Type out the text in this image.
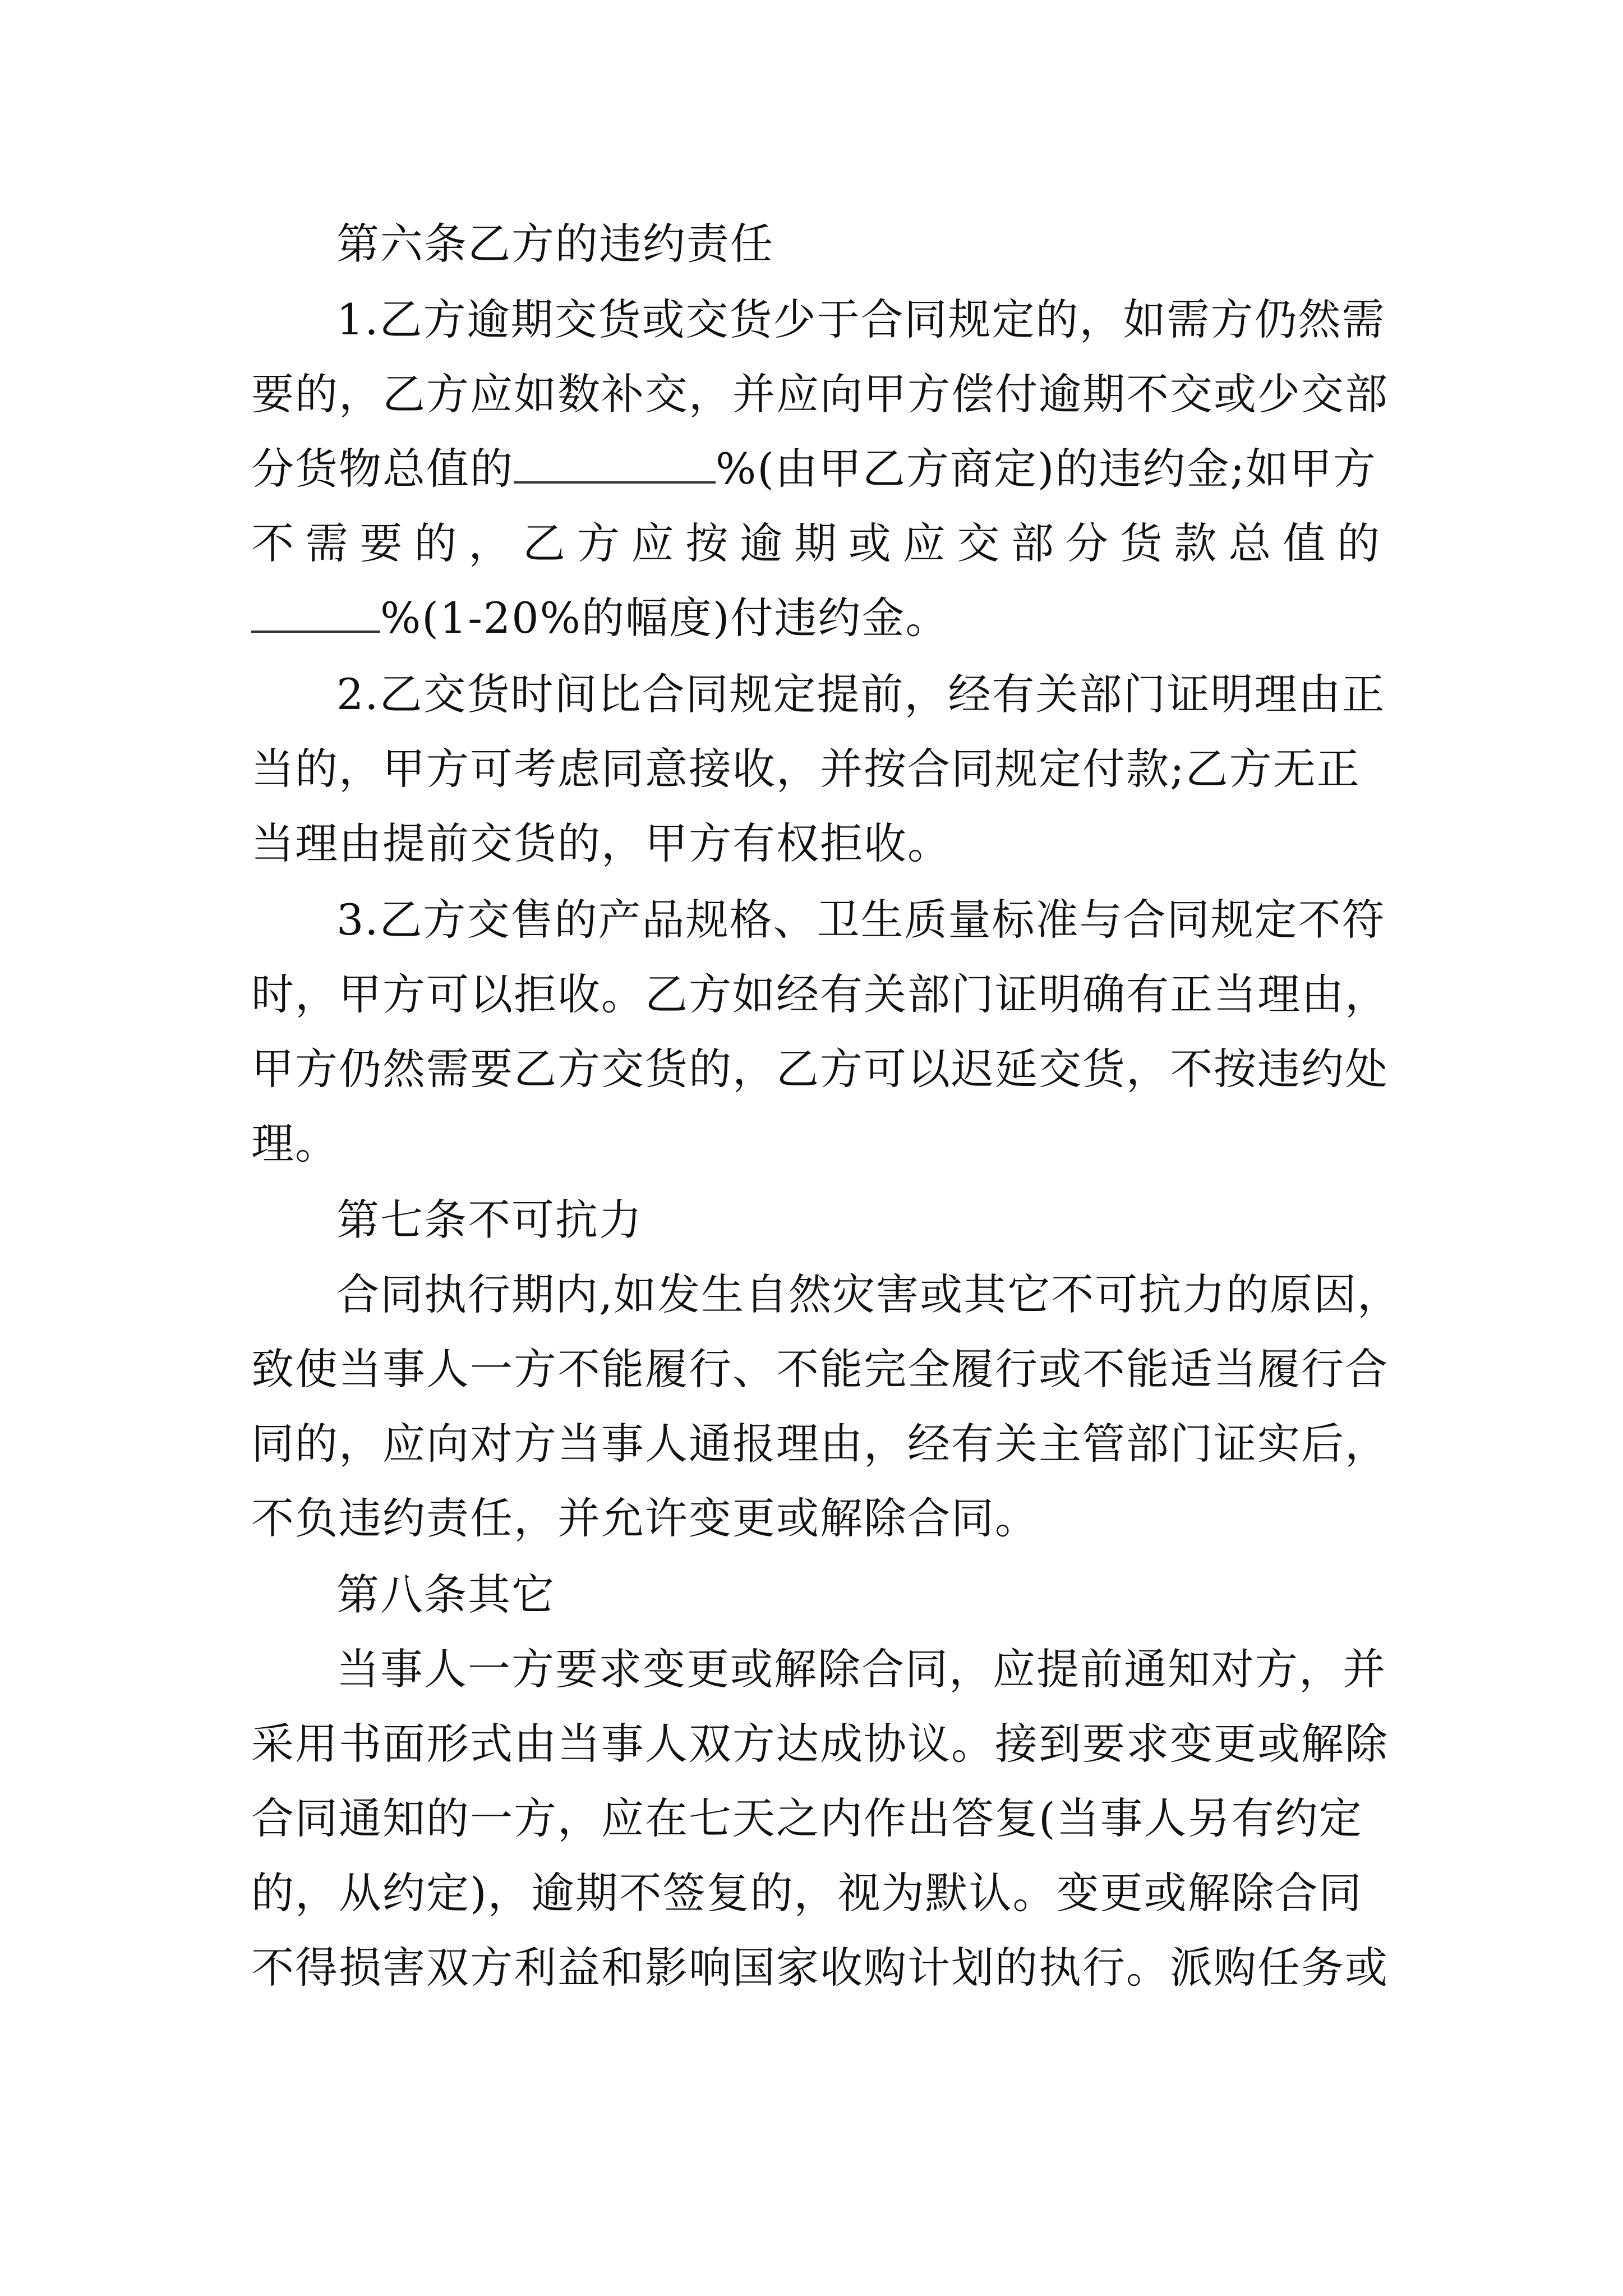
第六条乙方的违约责任
1.乙方逾期交货或交货少于合同规定的，如需方仍然需
要的，乙方应如数补交，并应向甲方偿付逾期不交或少交部
分货物总值的	%(由甲乙方商定)的违约金;如甲方
不 需 要 的 ， 乙 方 应 按 逾 期 或 应 交 部 分 货 款 总 值 的
%(1-20%的幅度)付违约金。
2.乙交货时间比合同规定提前，经有关部门证明理由正
当的，甲方可考虑同意接收，并按合同规定付款;乙方无正
当理由提前交货的，甲方有权拒收。
3.乙方交售的产品规格、卫生质量标准与合同规定不符
时，甲方可以拒收。乙方如经有关部门证明确有正当理由，
甲方仍然需要乙方交货的，乙方可以迟延交货，不按违约处
理。
第七条不可抗力
合同执行期内,如发生自然灾害或其它不可抗力的原因，
致使当事人一方不能履行、不能完全履行或不能适当履行合
同的，应向对方当事人通报理由，经有关主管部门证实后，
不负违约责任，并允许变更或解除合同。
第八条其它
当事人一方要求变更或解除合同，应提前通知对方，并
采用书面形式由当事人双方达成协议。接到要求变更或解除
合同通知的一方，应在七天之内作出答复(当事人另有约定
的，从约定)，逾期不签复的，视为默认。变更或解除合同
不得损害双方利益和影响国家收购计划的执行。派购任务或
